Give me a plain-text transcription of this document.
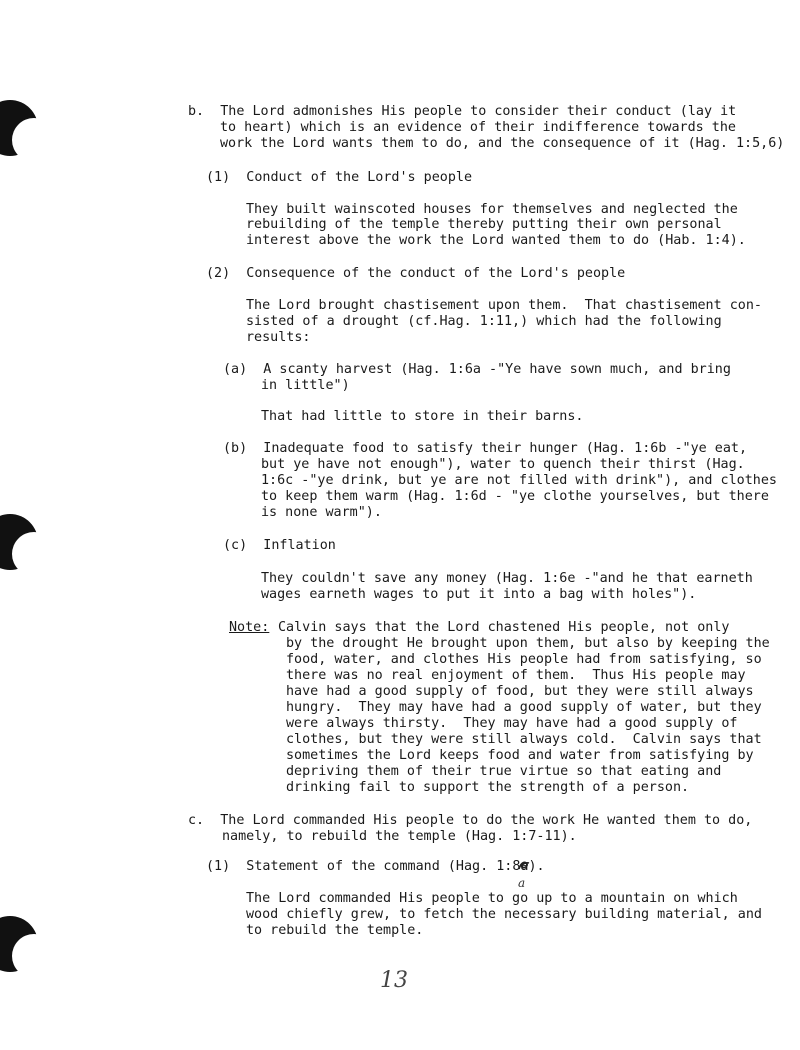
b.  The Lord admonishes His people to consider their conduct (lay it
to heart) which is an evidence of their indifference towards the
work the Lord wants them to do, and the consequence of it (Hag. 1:5,6)
(1)  Conduct of the Lord's people
They built wainscoted houses for themselves and neglected the
rebuilding of the temple thereby putting their own personal
interest above the work the Lord wanted them to do (Hab. 1:4).
(2)  Consequence of the conduct of the Lord's people
The Lord brought chastisement upon them.  That chastisement con-
sisted of a drought (cf.Hag. 1:11,) which had the following
results:
(a)  A scanty harvest (Hag. 1:6a -"Ye have sown much, and bring
in little")
That had little to store in their barns.
(b)  Inadequate food to satisfy their hunger (Hag. 1:6b -"ye eat,
but ye have not enough"), water to quench their thirst (Hag.
1:6c -"ye drink, but ye are not filled with drink"), and clothes
to keep them warm (Hag. 1:6d - "ye clothe yourselves, but there
is none warm").
(c)  Inflation
They couldn't save any money (Hag. 1:6e -"and he that earneth
wages earneth wages to put it into a bag with holes").
Note: Calvin says that the Lord chastened His people, not only
by the drought He brought upon them, but also by keeping the
food, water, and clothes His people had from satisfying, so
there was no real enjoyment of them.  Thus His people may
have had a good supply of food, but they were still always
hungry.  They may have had a good supply of water, but they
were always thirsty.  They may have had a good supply of
clothes, but they were still always cold.  Calvin says that
sometimes the Lord keeps food and water from satisfying by
depriving them of their true virtue so that eating and
drinking fail to support the strength of a person.
c.  The Lord commanded His people to do the work He wanted them to do,
namely, to rebuild the temple (Hag. 1:7-11).
(1)  Statement of the command (Hag. 1:8a).
The Lord commanded His people to go up to a mountain on which
wood chiefly grew, to fetch the necessary building material, and
to rebuild the temple.
a
13
